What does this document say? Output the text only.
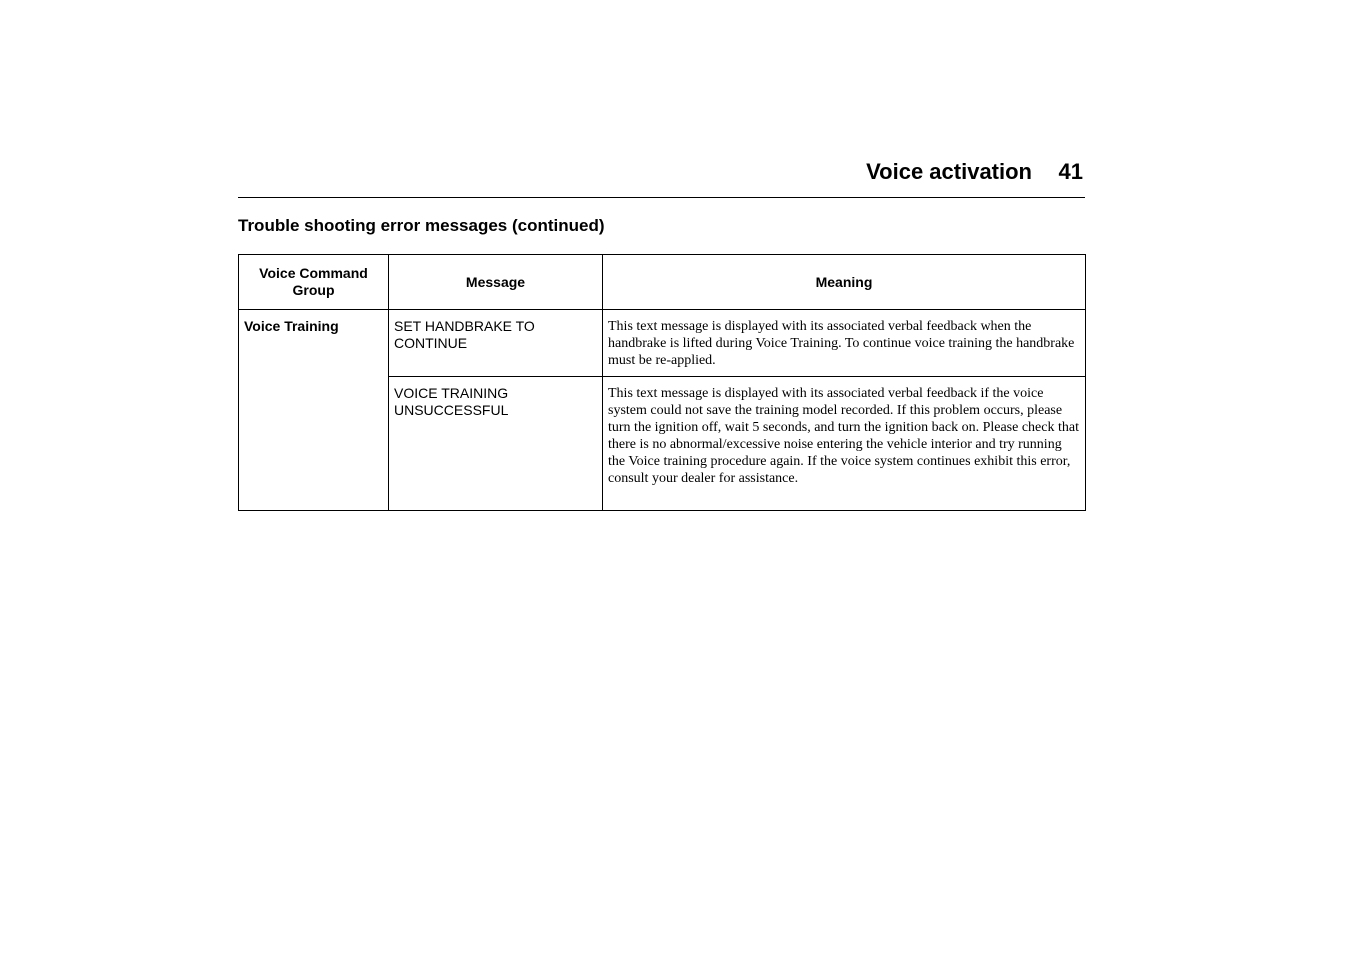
Voice activation 41
Trouble shooting error messages (continued)
Voice Command Group	Message	Meaning
Voice Training	SET HANDBRAKE TO CONTINUE	This text message is displayed with its associated verbal feedback when the handbrake is lifted during Voice Training. To continue voice training the handbrake must be re-applied.
	VOICE TRAINING UNSUCCESSFUL	This text message is displayed with its associated verbal feedback if the voice system could not save the training model recorded. If this problem occurs, please turn the ignition off, wait 5 seconds, and turn the ignition back on. Please check that there is no abnormal/excessive noise entering the vehicle interior and try running the Voice training procedure again. If the voice system continues exhibit this error, consult your dealer for assistance.
